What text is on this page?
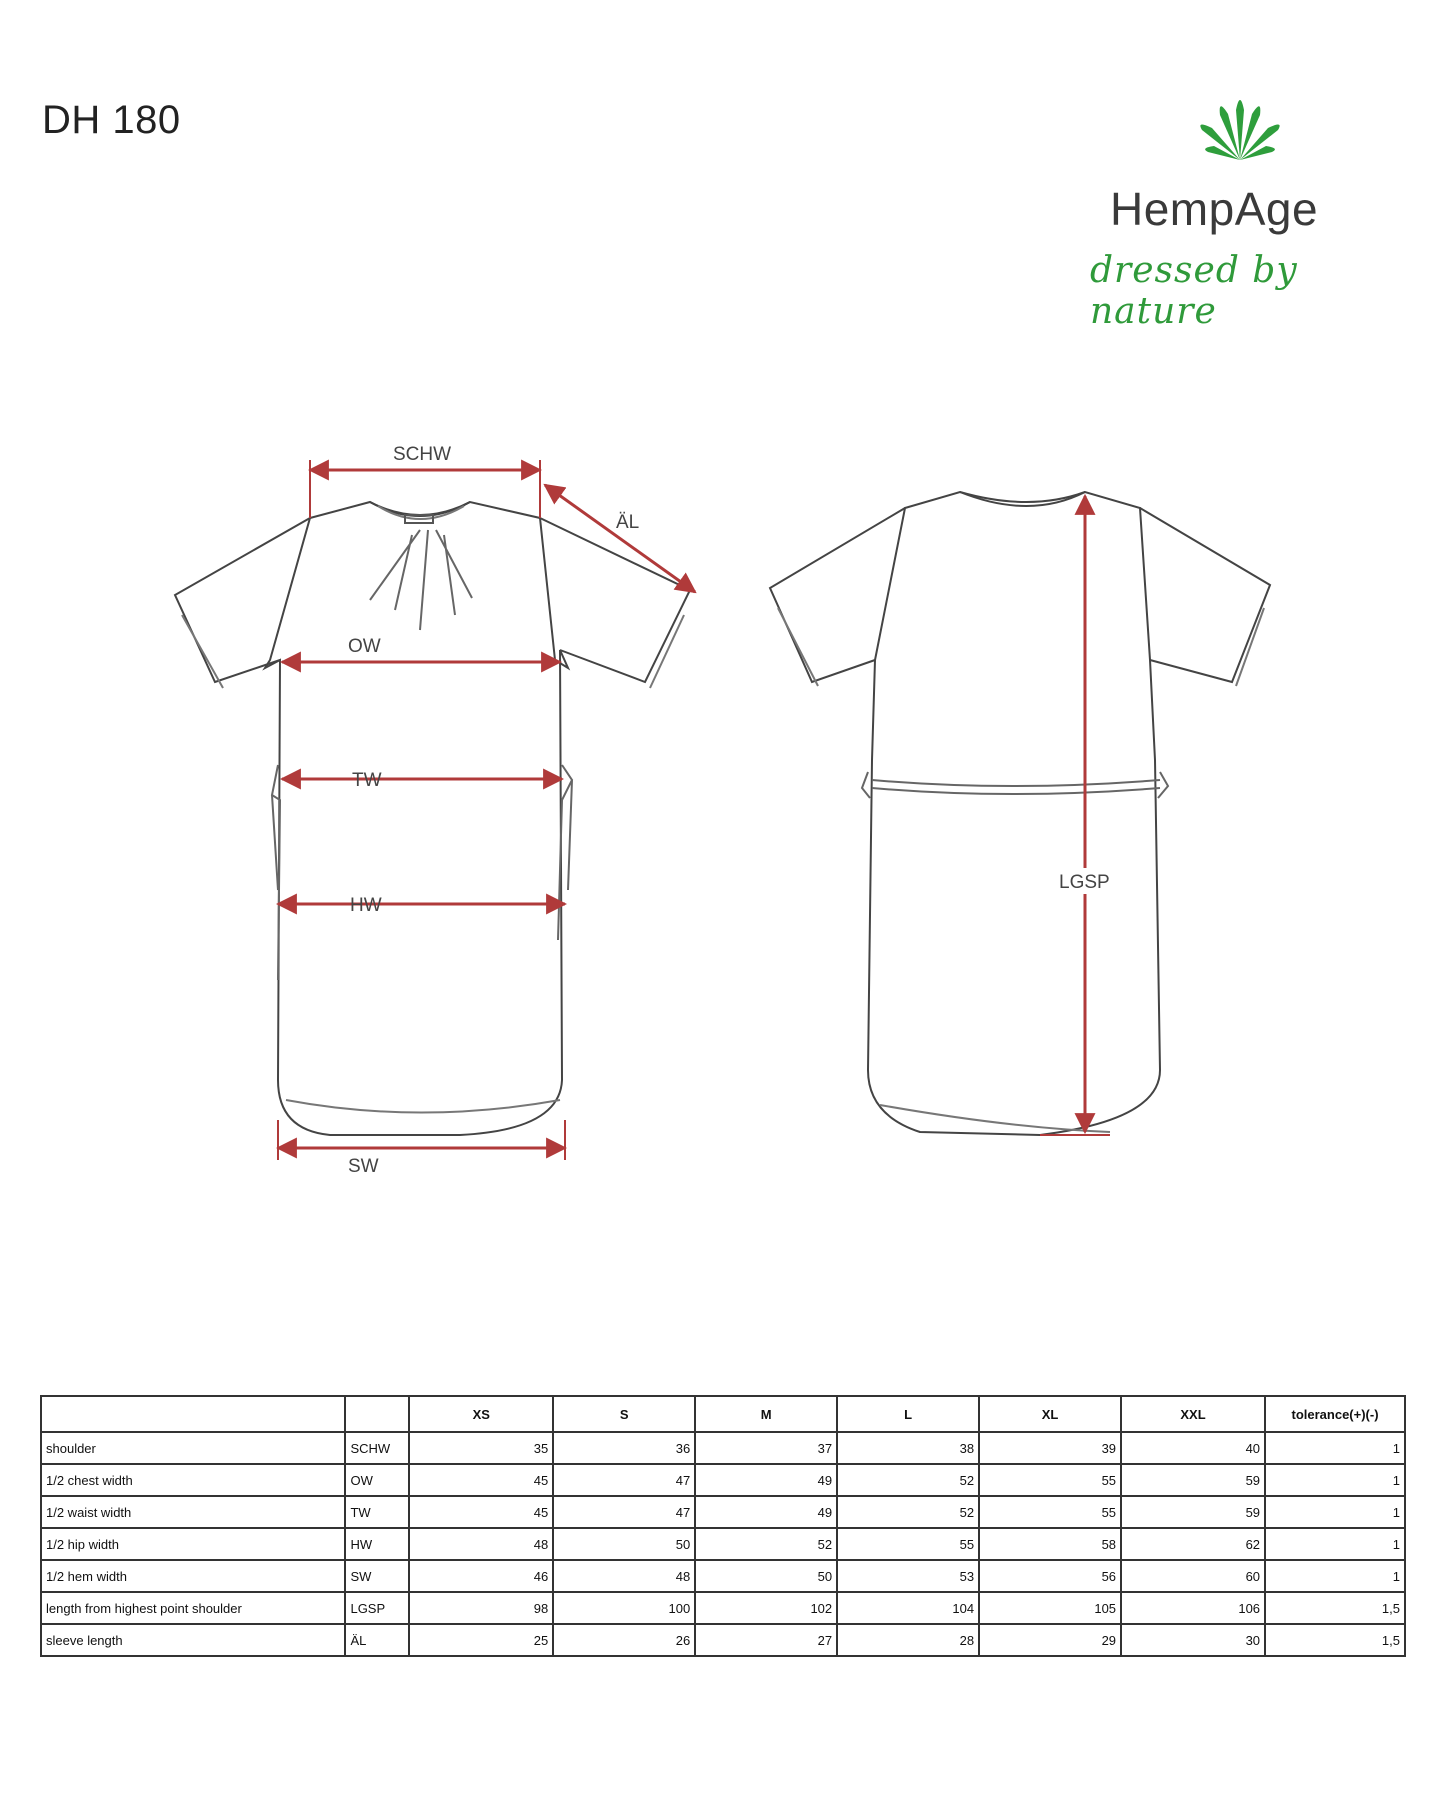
DH 180
HempAge
dressed by nature
SCHW
ÄL
OW
TW
HW
SW
LGSP
		XS	S	M	L	XL	XXL	tolerance(+)(-)
shoulder	SCHW	35	36	37	38	39	40	1
1/2 chest width	OW	45	47	49	52	55	59	1
1/2 waist width	TW	45	47	49	52	55	59	1
1/2 hip width	HW	48	50	52	55	58	62	1
1/2 hem width	SW	46	48	50	53	56	60	1
length from highest point shoulder	LGSP	98	100	102	104	105	106	1,5
sleeve length	ÄL	25	26	27	28	29	30	1,5
